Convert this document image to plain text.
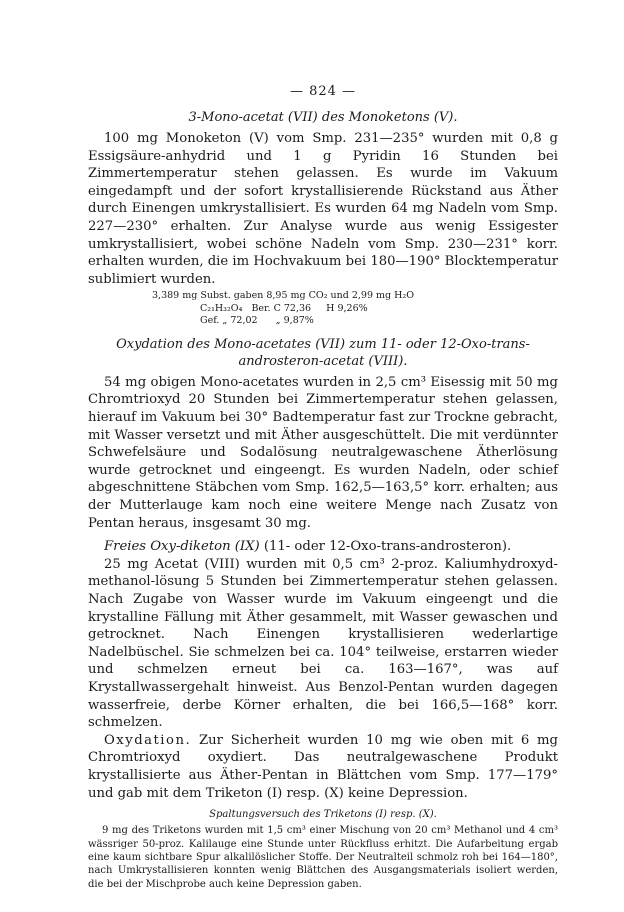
— 824 —
3-Mono-acetat (VII) des Monoketons (V).

100 mg Monoketon (V) vom Smp. 231—235° wurden mit 0,8 g Essigsäure-anhydrid und 1 g Pyridin 16 Stunden bei Zimmertemperatur stehen gelassen. Es wurde im Vakuum eingedampft und der sofort krystallisierende Rückstand aus Äther durch Einengen umkrystallisiert. Es wurden 64 mg Nadeln vom Smp. 227—230° erhalten. Zur Analyse wurde aus wenig Essigester umkrystallisiert, wobei schöne Nadeln vom Smp. 230—231° korr. erhalten wurden, die im Hochvakuum bei 180—190° Blocktemperatur sublimiert wurden.

3,389 mg Subst. gaben 8,95 mg CO₂ und 2,99 mg H₂O
C₂₁H₃₂O₄   Ber. C 72,36     H 9,26%
Gef. „ 72,02      „ 9,87%
Oxydation des Mono-acetates (VII) zum 11- oder 12-Oxo-trans-androsteron-acetat (VIII).

54 mg obigen Mono-acetates wurden in 2,5 cm³ Eisessig mit 50 mg Chromtrioxyd 20 Stunden bei Zimmertemperatur stehen gelassen, hierauf im Vakuum bei 30° Badtemperatur fast zur Trockne gebracht, mit Wasser versetzt und mit Äther ausgeschüttelt. Die mit verdünnter Schwefelsäure und Sodalösung neutralgewaschene Ätherlösung wurde getrocknet und eingeengt. Es wurden Nadeln, oder schief abgeschnittene Stäbchen vom Smp. 162,5—163,5° korr. erhalten; aus der Mutterlauge kam noch eine weitere Menge nach Zusatz von Pentan heraus, insgesamt 30 mg.

Freies Oxy-diketon (IX) (11- oder 12-Oxo-trans-androsteron).

25 mg Acetat (VIII) wurden mit 0,5 cm³ 2-proz. Kaliumhydroxyd-methanol-lösung 5 Stunden bei Zimmertemperatur stehen gelassen. Nach Zugabe von Wasser wurde im Vakuum eingeengt und die krystalline Fällung mit Äther gesammelt, mit Wasser gewaschen und getrocknet. Nach Einengen krystallisieren wederlartige Nadelbüschel. Sie schmelzen bei ca. 104° teilweise, erstarren wieder und schmelzen erneut bei ca. 163—167°, was auf Krystallwassergehalt hinweist. Aus Benzol-Pentan wurden dagegen wasserfreie, derbe Körner erhalten, die bei 166,5—168° korr. schmelzen.

Oxydation. Zur Sicherheit wurden 10 mg wie oben mit 6 mg Chromtrioxyd oxydiert. Das neutralgewaschene Produkt krystallisierte aus Äther-Pentan in Blättchen vom Smp. 177—179° und gab mit dem Triketon (I) resp. (X) keine Depression.

Spaltungsversuch des Triketons (I) resp. (X).

9 mg des Triketons wurden mit 1,5 cm³ einer Mischung von 20 cm³ Methanol und 4 cm³ wässriger 50-proz. Kalilauge eine Stunde unter Rückfluss erhitzt. Die Aufarbeitung ergab eine kaum sichtbare Spur alkalilöslicher Stoffe. Der Neutralteil schmolz roh bei 164—180°, nach Umkrystallisieren konnten wenig Blättchen des Ausgangsmaterials isoliert werden, die bei der Mischprobe auch keine Depression gaben.
